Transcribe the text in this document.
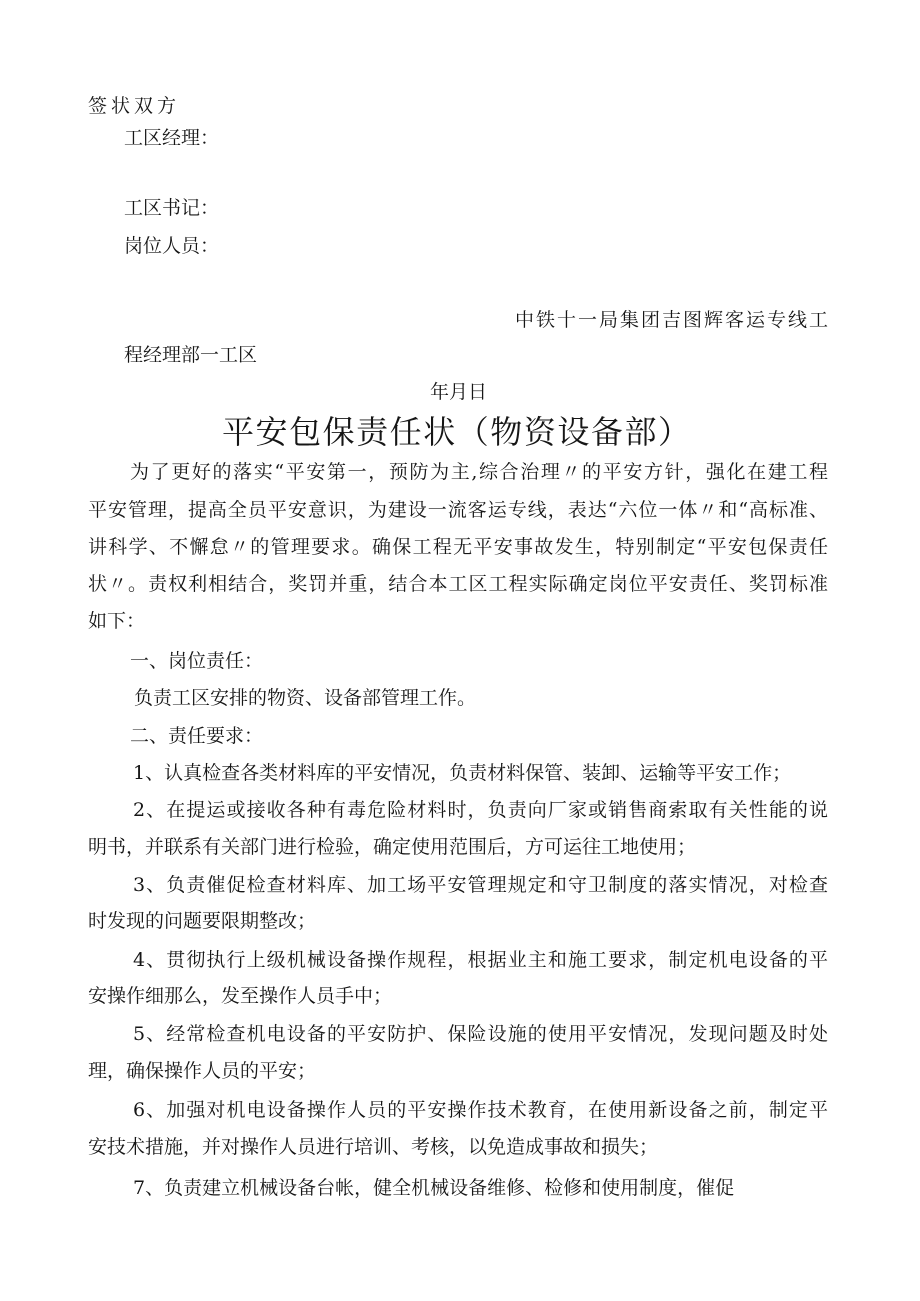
签状双方
工区经理：
工区书记：
岗位人员：
中铁十一局集团吉图辉客运专线工
程经理部一工区
年月日
平安包保责任状（物资设备部）
为了更好的落实“平安第一，预防为主,综合治理〃的平安方针，强化在建工程
平安管理，提高全员平安意识，为建设一流客运专线，表达“六位一体〃和“高标准、
讲科学、不懈怠〃的管理要求。确保工程无平安事故发生，特别制定“平安包保责任
状〃。责权利相结合，奖罚并重，结合本工区工程实际确定岗位平安责任、奖罚标准
如下：
一、岗位责任：
负责工区安排的物资、设备部管理工作。
二、责任要求：
1、认真检查各类材料库的平安情况，负责材料保管、装卸、运输等平安工作；
2、在提运或接收各种有毒危险材料时，负责向厂家或销售商索取有关性能的说
明书，并联系有关部门进行检验，确定使用范围后，方可运往工地使用；
3、负责催促检查材料库、加工场平安管理规定和守卫制度的落实情况，对检查
时发现的问题要限期整改；
4、贯彻执行上级机械设备操作规程，根据业主和施工要求，制定机电设备的平
安操作细那么，发至操作人员手中；
5、经常检查机电设备的平安防护、保险设施的使用平安情况，发现问题及时处
理，确保操作人员的平安；
6、加强对机电设备操作人员的平安操作技术教育，在使用新设备之前，制定平
安技术措施，并对操作人员进行培训、考核，以免造成事故和损失；
7、负责建立机械设备台帐，健全机械设备维修、检修和使用制度，催促
